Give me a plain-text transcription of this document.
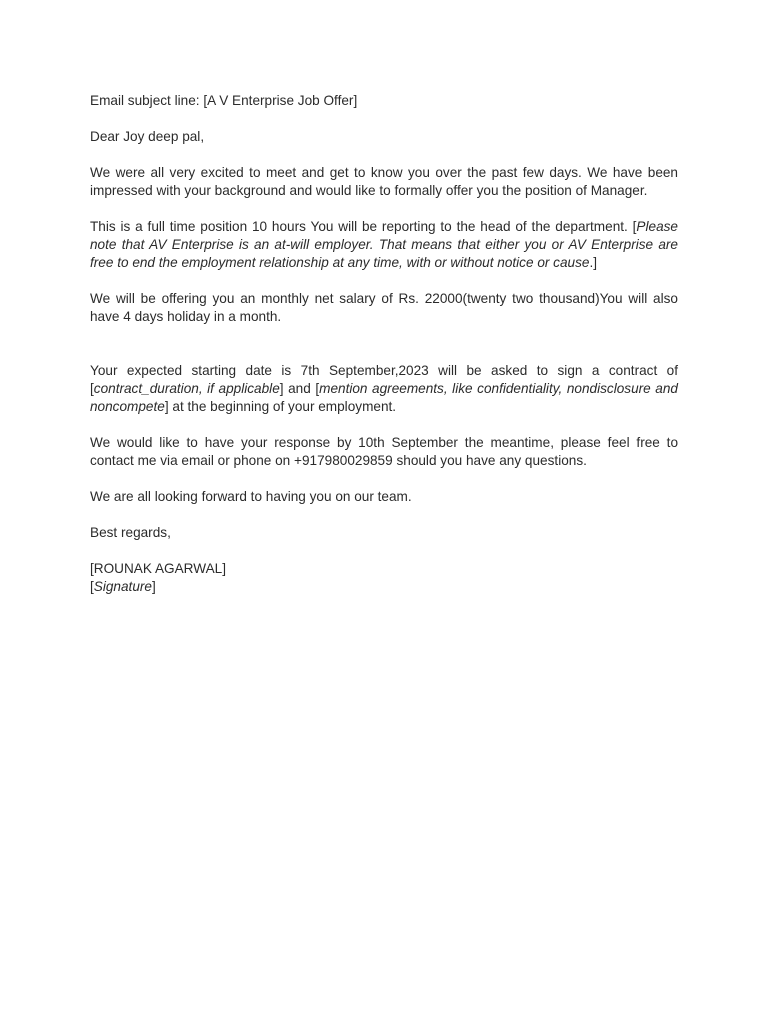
Email subject line: [A V Enterprise Job Offer]

Dear Joy deep pal,

We were all very excited to meet and get to know you over the past few days. We have been impressed with your background and would like to formally offer you the position of Manager.

This is a full time position 10 hours You will be reporting to the head of the department. [Please note that AV Enterprise is an at-will employer. That means that either you or AV Enterprise are free to end the employment relationship at any time, with or without notice or cause.]

We will be offering you an monthly net salary of Rs. 22000(twenty two thousand)You will also have 4 days holiday in a month.

Your expected starting date is 7th September,2023 will be asked to sign a contract of [contract_duration, if applicable] and [mention agreements, like confidentiality, nondisclosure and noncompete] at the beginning of your employment.

We would like to have your response by 10th September the meantime, please feel free to contact me via email or phone on +917980029859 should you have any questions.

We are all looking forward to having you on our team.

Best regards,

[ROUNAK AGARWAL]

[Signature]
